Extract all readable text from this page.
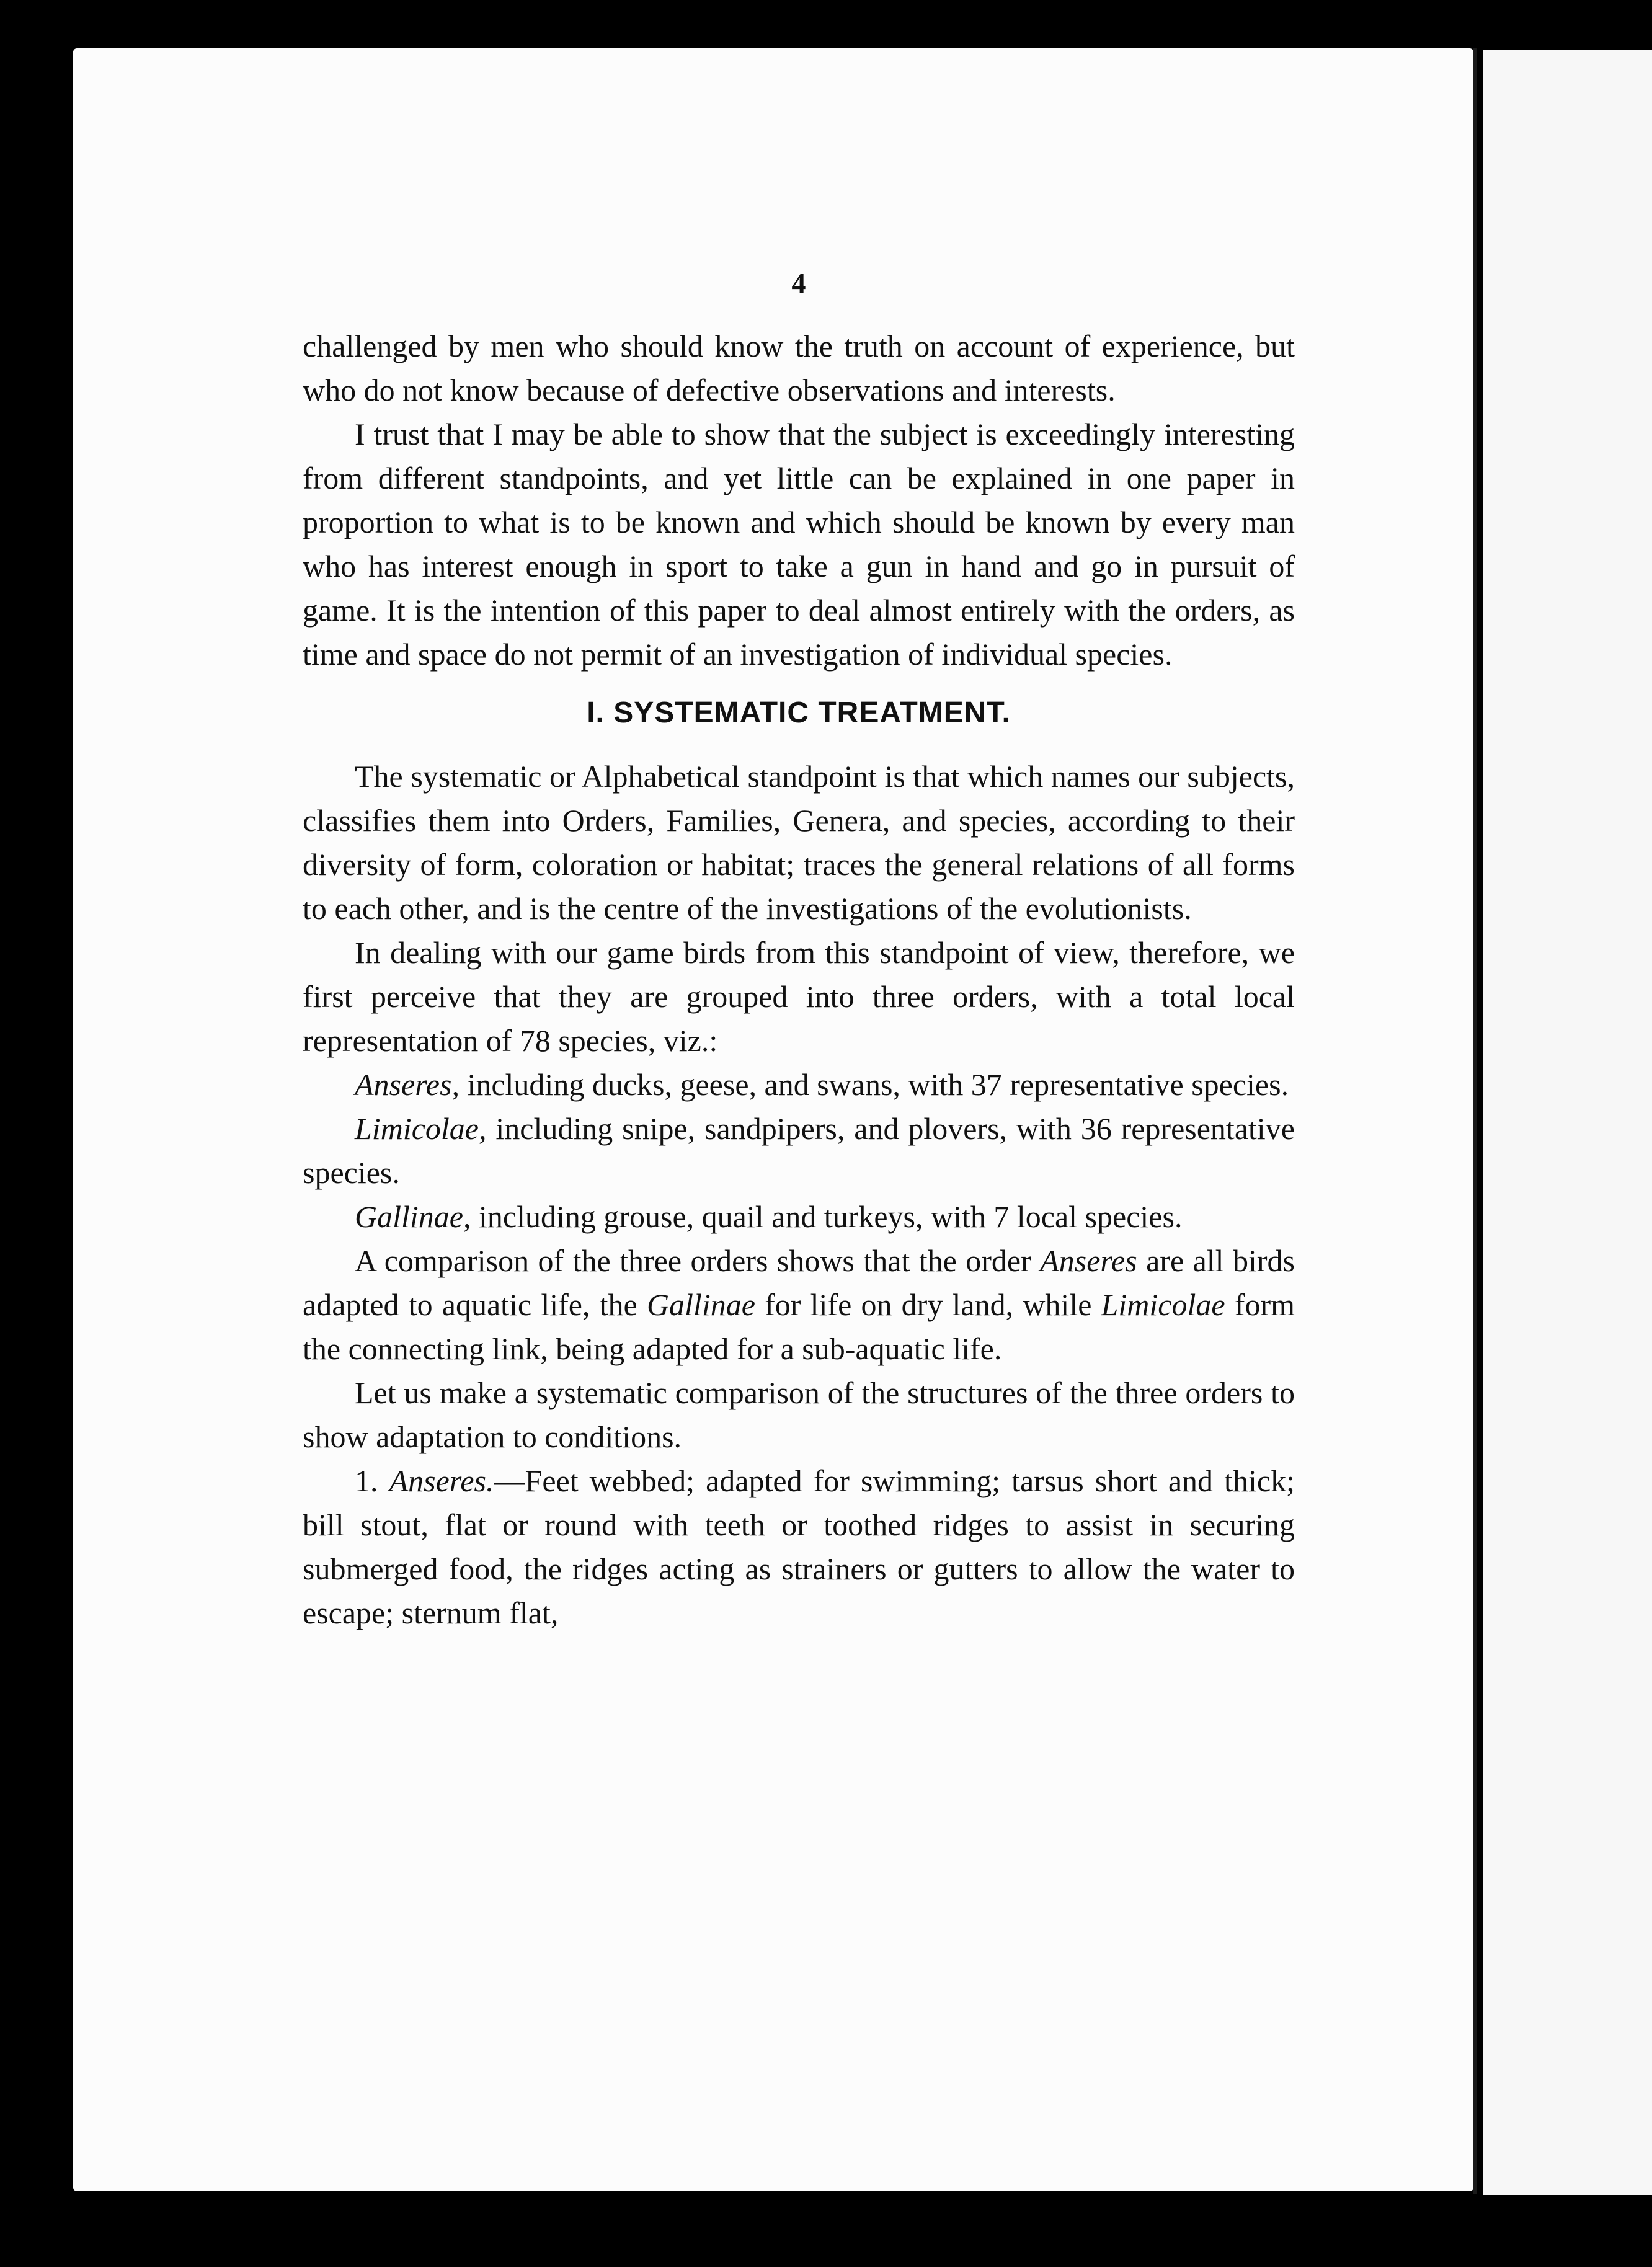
4

challenged by men who should know the truth on account of experience, but who do not know because of defective observations and interests.

I trust that I may be able to show that the subject is exceedingly interesting from different standpoints, and yet little can be explained in one paper in proportion to what is to be known and which should be known by every man who has interest enough in sport to take a gun in hand and go in pursuit of game. It is the intention of this paper to deal almost entirely with the orders, as time and space do not permit of an investigation of individual species.

I. SYSTEMATIC TREATMENT.

The systematic or Alphabetical standpoint is that which names our subjects, classifies them into Orders, Families, Genera, and species, according to their diversity of form, coloration or habitat; traces the general relations of all forms to each other, and is the centre of the investigations of the evolutionists.

In dealing with our game birds from this standpoint of view, therefore, we first perceive that they are grouped into three orders, with a total local representation of 78 species, viz.:

Anseres, including ducks, geese, and swans, with 37 representative species.

Limicolae, including snipe, sandpipers, and plovers, with 36 representative species.

Gallinae, including grouse, quail and turkeys, with 7 local species.

A comparison of the three orders shows that the order Anseres are all birds adapted to aquatic life, the Gallinae for life on dry land, while Limicolae form the connecting link, being adapted for a sub-aquatic life.

Let us make a systematic comparison of the structures of the three orders to show adaptation to conditions.

1. Anseres.—Feet webbed; adapted for swimming; tarsus short and thick; bill stout, flat or round with teeth or toothed ridges to assist in securing submerged food, the ridges acting as strainers or gutters to allow the water to escape; sternum flat,
